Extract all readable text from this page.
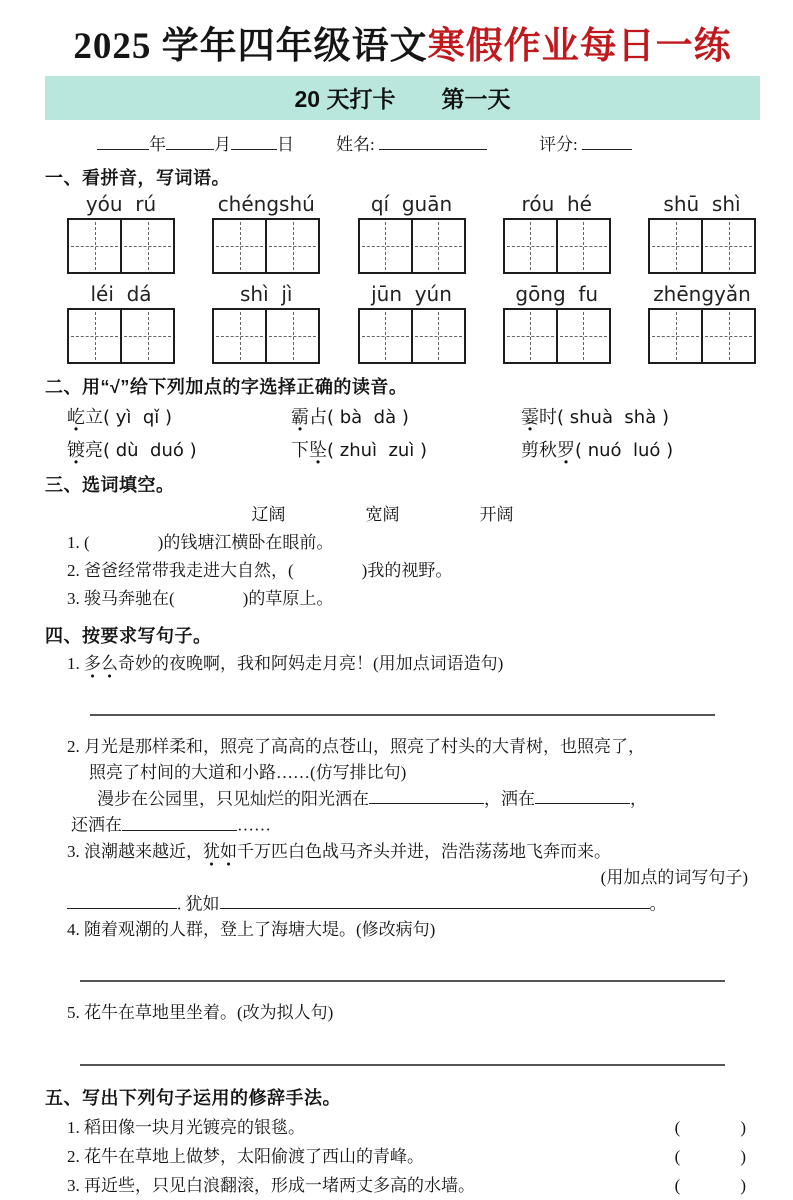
2025 学年四年级语文寒假作业每日一练
20 天打卡　　第一天
年	月	日 姓名:	评分:
一、看拼音，写词语。
yóu  rú	chéngshú	qí  guān	róu  hé	shū  shì
léi  dá	shì  jì	jūn  yún	gōng  fu	zhēngyǎn
二、用“√”给下列加点的字选择正确的读音。
屹
●
立 ( yì  qǐ )	霸
●
占 ( bà  dà )	霎
●
时 ( shuà  shà )
镀
●
亮 ( dù  duó )	下坠
●
( zhuì  zuì )	剪秋罗
●
( nuó  luó )
三、选词填空。
辽阔	宽阔	开阔
1. (　　　　)的钱塘江横卧在眼前。
2. 爸爸经常带我走进大自然，(　　　　)我的视野。
3. 骏马奔驰在(　　　　)的草原上。
四、按要求写句子。
1. 多
●
么
●
奇妙的夜晚啊，我和阿妈走月亮！(用加点词语造句)
2. 月光是那样柔和，照亮了高高的点苍山，照亮了村头的大青树，也照亮了，
照亮了村间的大道和小路……(仿写排比句)
漫步在公园里，只见灿烂的阳光洒在	，洒在	，
还洒在	……
3. 浪潮越来越近，犹
●
如
●
千万匹白色战马齐头并进，浩浩荡荡地飞奔而来。
(用加点的词写句子)
. 犹如	。
4. 随着观潮的人群，登上了海塘大堤。(修改病句)
5. 花牛在草地里坐着。(改为拟人句)
五、写出下列句子运用的修辞手法。
1. 稻田像一块月光镀亮的银毯。	(	)
2. 花牛在草地上做梦，太阳偷渡了西山的青峰。	(	)
3. 再近些，只见白浪翻滚，形成一堵两丈多高的水墙。	(	)
